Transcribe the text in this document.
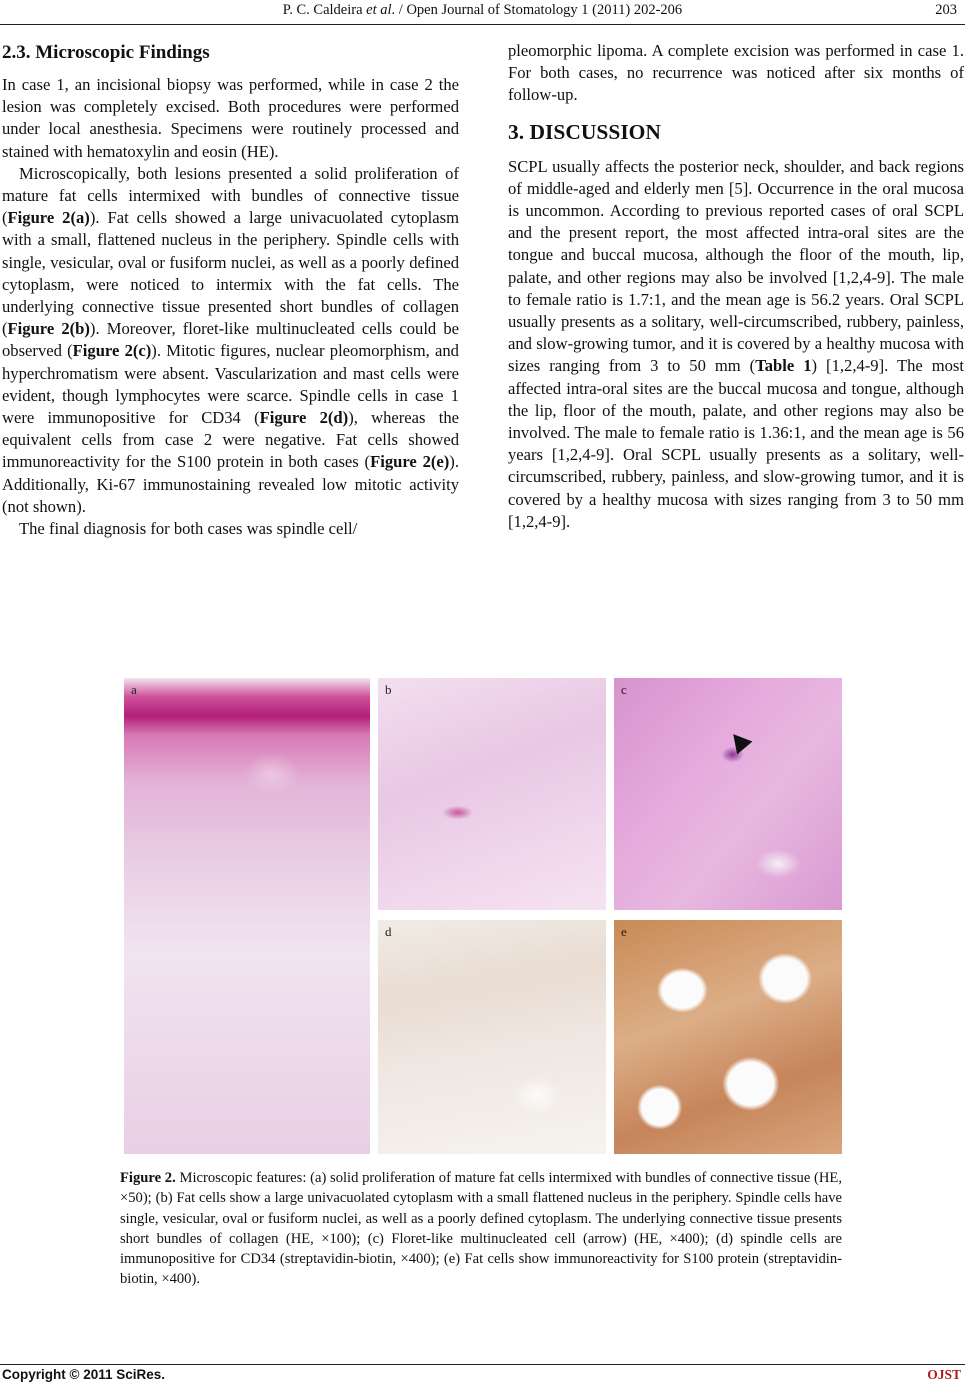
P. C. Caldeira et al. / Open Journal of Stomatology 1 (2011) 202-206	203
2.3. Microscopic Findings

In case 1, an incisional biopsy was performed, while in case 2 the lesion was completely excised. Both procedures were performed under local anesthesia. Specimens were routinely processed and stained with hematoxylin and eosin (HE).

Microscopically, both lesions presented a solid proliferation of mature fat cells intermixed with bundles of connective tissue (Figure 2(a)). Fat cells showed a large univacuolated cytoplasm with a small, flattened nucleus in the periphery. Spindle cells with single, vesicular, oval or fusiform nuclei, as well as a poorly defined cytoplasm, were noticed to intermix with the fat cells. The underlying connective tissue presented short bundles of collagen (Figure 2(b)). Moreover, floret-like multinucleated cells could be observed (Figure 2(c)). Mitotic figures, nuclear pleomorphism, and hyperchromatism were absent. Vascularization and mast cells were evident, though lymphocytes were scarce. Spindle cells in case 1 were immunopositive for CD34 (Figure 2(d)), whereas the equivalent cells from case 2 were negative. Fat cells showed immunoreactivity for the S100 protein in both cases (Figure 2(e)). Additionally, Ki-67 immunostaining revealed low mitotic activity (not shown).

The final diagnosis for both cases was spindle cell/

pleomorphic lipoma. A complete excision was performed in case 1. For both cases, no recurrence was noticed after six months of follow-up.

3. DISCUSSION

SCPL usually affects the posterior neck, shoulder, and back regions of middle-aged and elderly men [5]. Occurrence in the oral mucosa is uncommon. According to previous reported cases of oral SCPL and the present report, the most affected intra-oral sites are the tongue and buccal mucosa, although the floor of the mouth, lip, palate, and other regions may also be involved [1,2,4-9]. The male to female ratio is 1.7:1, and the mean age is 56.2 years. Oral SCPL usually presents as a solitary, well-circumscribed, rubbery, painless, and slow-growing tumor, and it is covered by a healthy mucosa with sizes ranging from 3 to 50 mm (Table 1) [1,2,4-9]. The most affected intra-oral sites are the buccal mucosa and tongue, although the lip, floor of the mouth, palate, and other regions may also be involved. The male to female ratio is 1.36:1, and the mean age is 56 years [1,2,4-9]. Oral SCPL usually presents as a solitary, well-circumscribed, rubbery, painless, and slow-growing tumor, and it is covered by a healthy mucosa with sizes ranging from 3 to 50 mm [1,2,4-9].

a	b	c
d	e
Figure 2. Microscopic features: (a) solid proliferation of mature fat cells intermixed with bundles of connective tissue (HE, ×50); (b) Fat cells show a large univacuolated cytoplasm with a small flattened nucleus in the periphery. Spindle cells have single, vesicular, oval or fusiform nuclei, as well as a poorly defined cytoplasm. The underlying connective tissue presents short bundles of collagen (HE, ×100); (c) Floret-like multinucleated cell (arrow) (HE, ×400); (d) spindle cells are immunopositive for CD34 (streptavidin-biotin, ×400); (e) Fat cells show immunoreactivity for S100 protein (streptavidin-biotin, ×400).
Copyright © 2011 SciRes.	OJST
